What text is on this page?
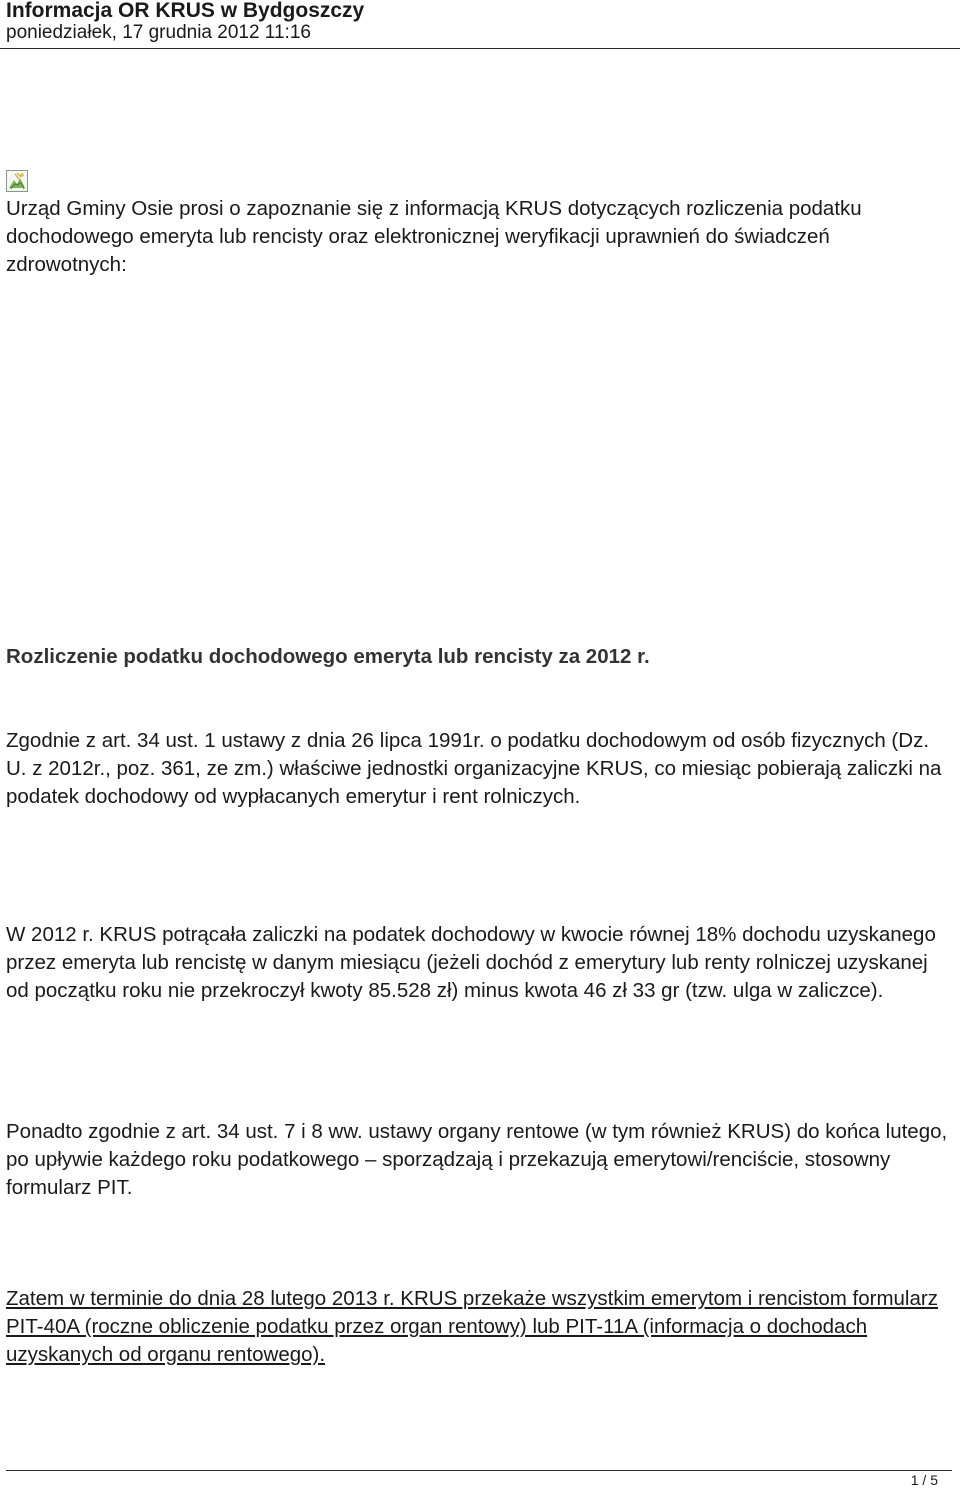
Informacja OR KRUS w Bydgoszczy
poniedziałek, 17 grudnia 2012 11:16

Urząd Gminy Osie prosi o zapoznanie się z informacją KRUS dotyczących rozliczenia podatku dochodowego emeryta lub rencisty oraz elektronicznej weryfikacji uprawnień do świadczeń zdrowotnych:

Rozliczenie podatku dochodowego emeryta lub rencisty za 2012 r.

Zgodnie z art. 34 ust. 1 ustawy z dnia 26 lipca 1991r. o podatku dochodowym od osób fizycznych (Dz. U. z 2012r., poz. 361, ze zm.) właściwe jednostki organizacyjne KRUS, co miesiąc pobierają zaliczki na podatek dochodowy od wypłacanych emerytur i rent rolniczych.

W 2012 r. KRUS potrącała zaliczki na podatek dochodowy w kwocie równej 18% dochodu uzyskanego przez emeryta lub rencistę w danym miesiącu (jeżeli dochód z emerytury lub renty rolniczej uzyskanej od początku roku nie przekroczył kwoty 85.528 zł) minus kwota 46 zł 33 gr (tzw. ulga w zaliczce).

Ponadto zgodnie z art. 34 ust. 7 i 8 ww. ustawy organy rentowe (w tym również KRUS) do końca lutego, po upływie każdego roku podatkowego – sporządzają i przekazują emerytowi/renciście, stosowny formularz PIT.

Zatem w terminie do dnia 28 lutego 2013 r. KRUS przekaże wszystkim emerytom i rencistom formularz PIT-40A (roczne obliczenie podatku przez organ rentowy) lub PIT-11A (informacja o dochodach uzyskanych od organu rentowego).

1 / 5
